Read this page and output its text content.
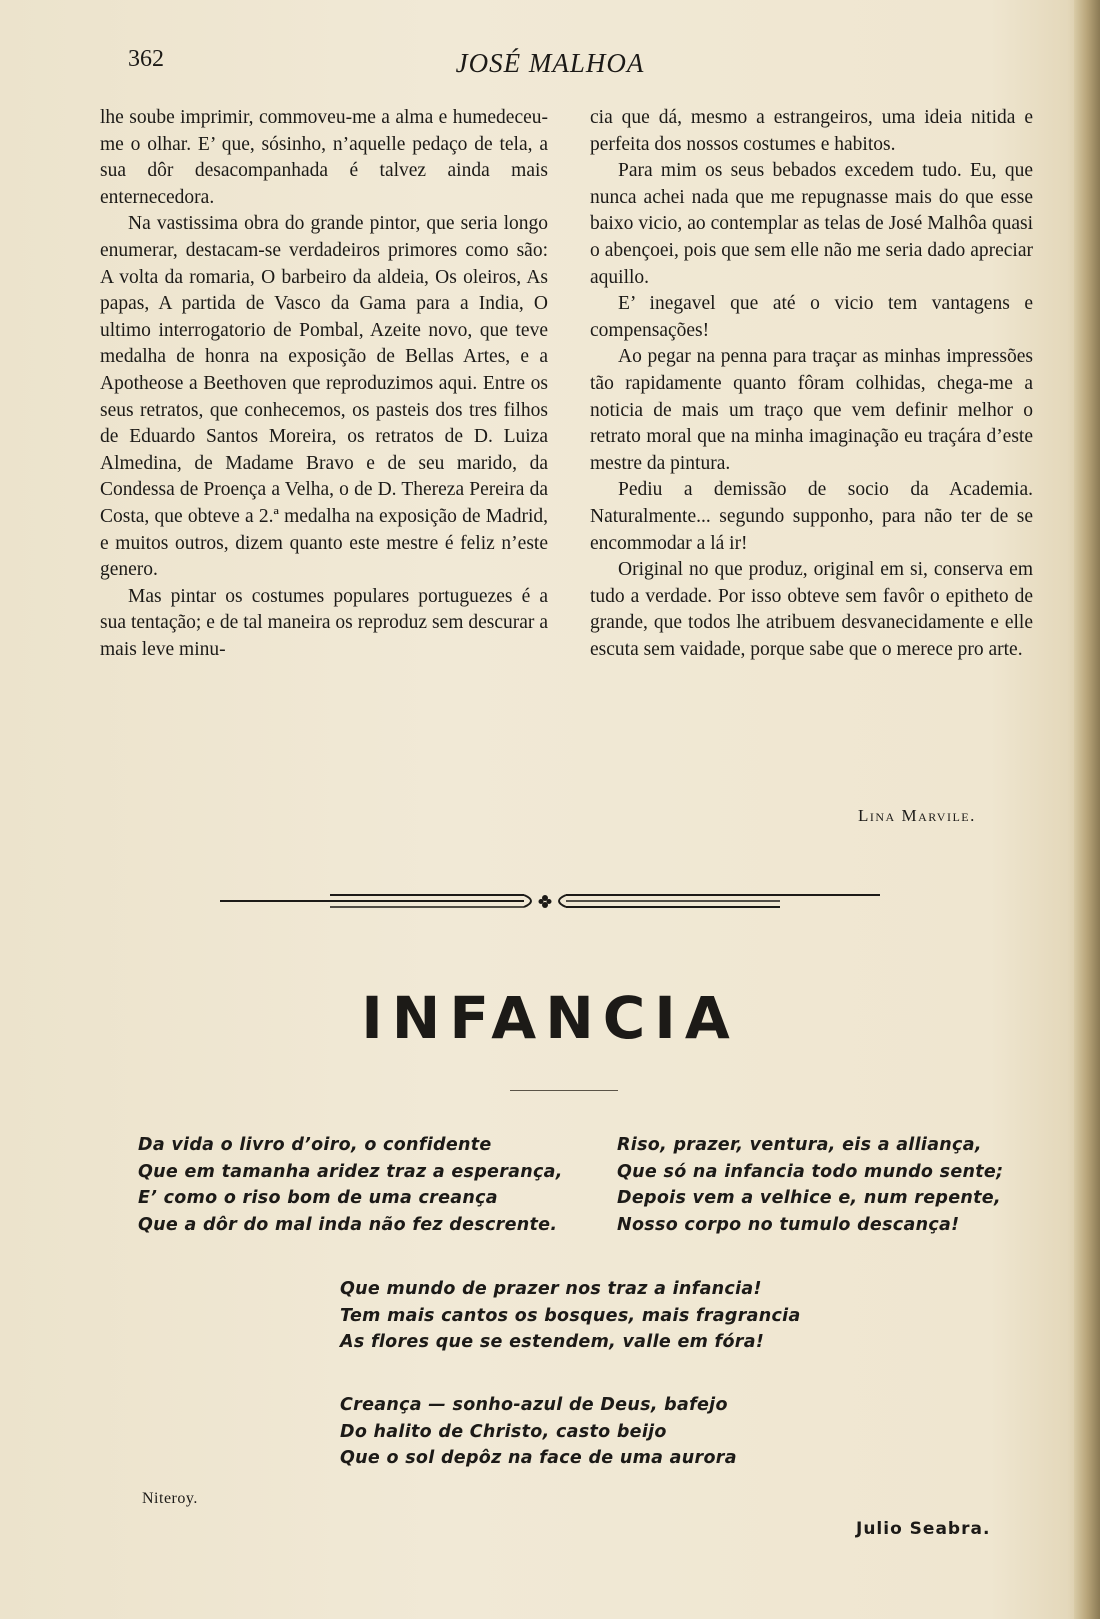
362	JOSÉ MALHOA

lhe soube imprimir, commoveu-me a alma e humedeceu-me o olhar. E’ que, sósinho, n’aquelle pedaço de tela, a sua dôr desacompanhada é talvez ainda mais enternecedora.

Na vastissima obra do grande pintor, que seria longo enumerar, destacam-se verdadeiros primores como são: A volta da romaria, O barbeiro da aldeia, Os oleiros, As papas, A partida de Vasco da Gama para a India, O ultimo interrogatorio de Pombal, Azeite novo, que teve medalha de honra na exposição de Bellas Artes, e a Apotheose a Beethoven que reproduzimos aqui. Entre os seus retratos, que conhecemos, os pasteis dos tres filhos de Eduardo Santos Moreira, os retratos de D. Luiza Almedina, de Madame Bravo e de seu marido, da Condessa de Proença a Velha, o de D. Thereza Pereira da Costa, que obteve a 2.ª medalha na exposição de Madrid, e muitos outros, dizem quanto este mestre é feliz n’este genero.

Mas pintar os costumes populares portuguezes é a sua tentação; e de tal maneira os reproduz sem descurar a mais leve minu-

cia que dá, mesmo a estrangeiros, uma ideia nitida e perfeita dos nossos costumes e habitos.

Para mim os seus bebados excedem tudo. Eu, que nunca achei nada que me repugnasse mais do que esse baixo vicio, ao contemplar as telas de José Malhôa quasi o abençoei, pois que sem elle não me seria dado apreciar aquillo.

E’ inegavel que até o vicio tem vantagens e compensações!

Ao pegar na penna para traçar as minhas impressões tão rapidamente quanto fôram colhidas, chega-me a noticia de mais um traço que vem definir melhor o retrato moral que na minha imaginação eu traçára d’este mestre da pintura.

Pediu a demissão de socio da Academia. Naturalmente... segundo supponho, para não ter de se encommodar a lá ir!

Original no que produz, original em si, conserva em tudo a verdade. Por isso obteve sem favôr o epitheto de grande, que todos lhe atribuem desvanecidamente e elle escuta sem vaidade, porque sabe que o merece pro arte.

Lina Marvile.
INFANCIA
Da vida o livro d’oiro, o confidente
Que em tamanha aridez traz a esperança,
E’ como o riso bom de uma creança
Que a dôr do mal inda não fez descrente.
Riso, prazer, ventura, eis a alliança,
Que só na infancia todo mundo sente;
Depois vem a velhice e, num repente,
Nosso corpo no tumulo descança!
Que mundo de prazer nos traz a infancia!
Tem mais cantos os bosques, mais fragrancia
As flores que se estendem, valle em fóra!
Creança — sonho-azul de Deus, bafejo
Do halito de Christo, casto beijo
Que o sol depôz na face de uma aurora
Niteroy.
Julio Seabra.
